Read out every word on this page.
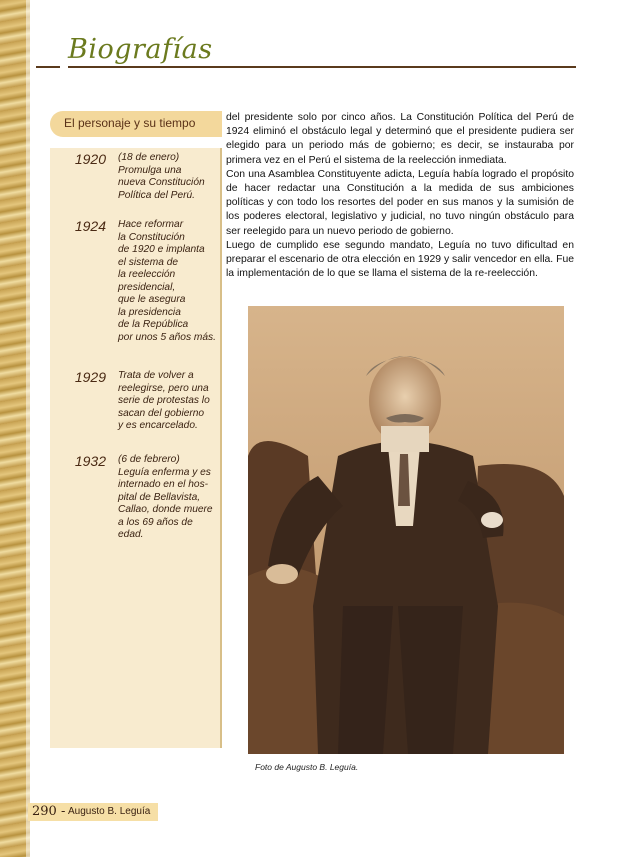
Biografías
El personaje y su tiempo
1920 (18 de enero)
Promulga una
nueva Constitución
Política del Perú.
1924 Hace reformar
la Constitución
de 1920 e implanta
el sistema de
la reelección
presidencial,
que le asegura
la presidencia
de la República
por unos 5 años más.
1929 Trata de volver a
reelegirse, pero una
serie de protestas lo
sacan del gobierno
y es encarcelado.
1932 (6 de febrero)
Leguía enferma y es
internado en el hos-
pital de Bellavista,
Callao, donde muere
a los 69 años de
edad.

del presidente solo por cinco años. La Constitución Política del Perú de 1924 eliminó el obstáculo legal y determinó que el presidente pudiera ser elegido para un periodo más de gobierno; es decir, se instauraba por primera vez en el Perú el sistema de la reelección inmediata.

Con una Asamblea Constituyente adicta, Leguía había logrado el propósito de hacer redactar una Constitución a la medida de sus ambiciones políticas y con todo los resortes del poder en sus manos y la sumisión de los poderes electoral, legislativo y judicial, no tuvo ningún obstáculo para ser reelegido para un nuevo periodo de gobierno.

Luego de cumplido ese segundo mandato, Leguía no tuvo dificultad en preparar el escenario de otra elección en 1929 y salir vencedor en ella. Fue la implementación de lo que se llama el sistema de la re-reelección.

Foto de Augusto B. Leguía.
290 - Augusto B. Leguía
